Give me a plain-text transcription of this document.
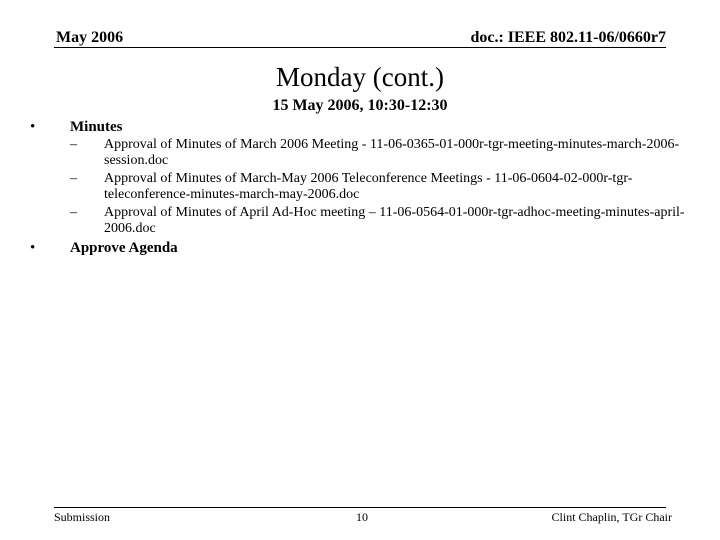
May 2006	doc.: IEEE 802.11-06/0660r7
Monday (cont.)
15 May 2006, 10:30-12:30
• Minutes
– Approval of Minutes of March 2006 Meeting - 11-06-0365-01-000r-tgr-meeting-minutes-march-2006-session.doc
– Approval of Minutes of March-May 2006 Teleconference Meetings - 11-06-0604-02-000r-tgr-teleconference-minutes-march-may-2006.doc
– Approval of Minutes of April Ad-Hoc meeting – 11-06-0564-01-000r-tgr-adhoc-meeting-minutes-april-2006.doc
• Approve Agenda
Submission	10	Clint Chaplin, TGr Chair
